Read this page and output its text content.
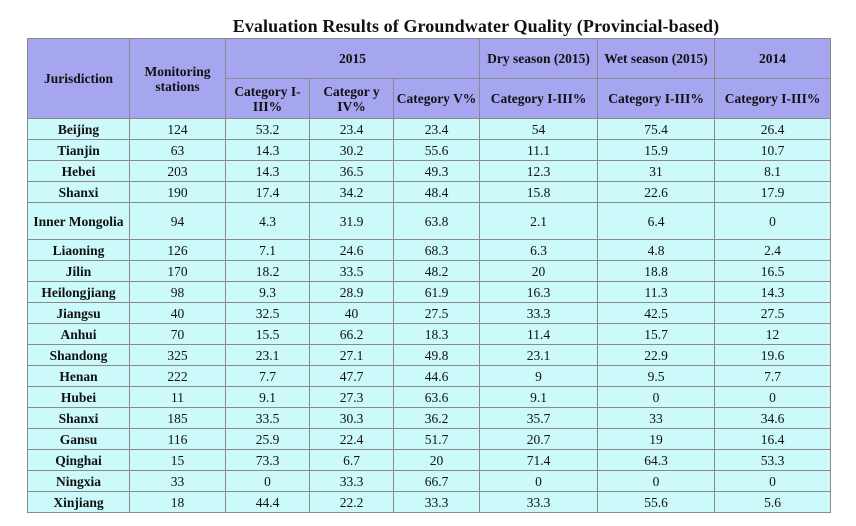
Evaluation Results of Groundwater Quality (Provincial-based)
Jurisdiction	Monitoring stations	2015			Dry season (2015)	Wet season (2015)	2014
		Category I-III%	Categor y IV%	Category V%	Category I-III%	Category I-III%	Category I-III%
Beijing	124	53.2	23.4	23.4	54	75.4	26.4
Tianjin	63	14.3	30.2	55.6	11.1	15.9	10.7
Hebei	203	14.3	36.5	49.3	12.3	31	8.1
Shanxi	190	17.4	34.2	48.4	15.8	22.6	17.9
Inner Mongolia	94	4.3	31.9	63.8	2.1	6.4	0
Liaoning	126	7.1	24.6	68.3	6.3	4.8	2.4
Jilin	170	18.2	33.5	48.2	20	18.8	16.5
Heilongjiang	98	9.3	28.9	61.9	16.3	11.3	14.3
Jiangsu	40	32.5	40	27.5	33.3	42.5	27.5
Anhui	70	15.5	66.2	18.3	11.4	15.7	12
Shandong	325	23.1	27.1	49.8	23.1	22.9	19.6
Henan	222	7.7	47.7	44.6	9	9.5	7.7
Hubei	11	9.1	27.3	63.6	9.1	0	0
Shanxi	185	33.5	30.3	36.2	35.7	33	34.6
Gansu	116	25.9	22.4	51.7	20.7	19	16.4
Qinghai	15	73.3	6.7	20	71.4	64.3	53.3
Ningxia	33	0	33.3	66.7	0	0	0
Xinjiang	18	44.4	22.2	33.3	33.3	55.6	5.6
